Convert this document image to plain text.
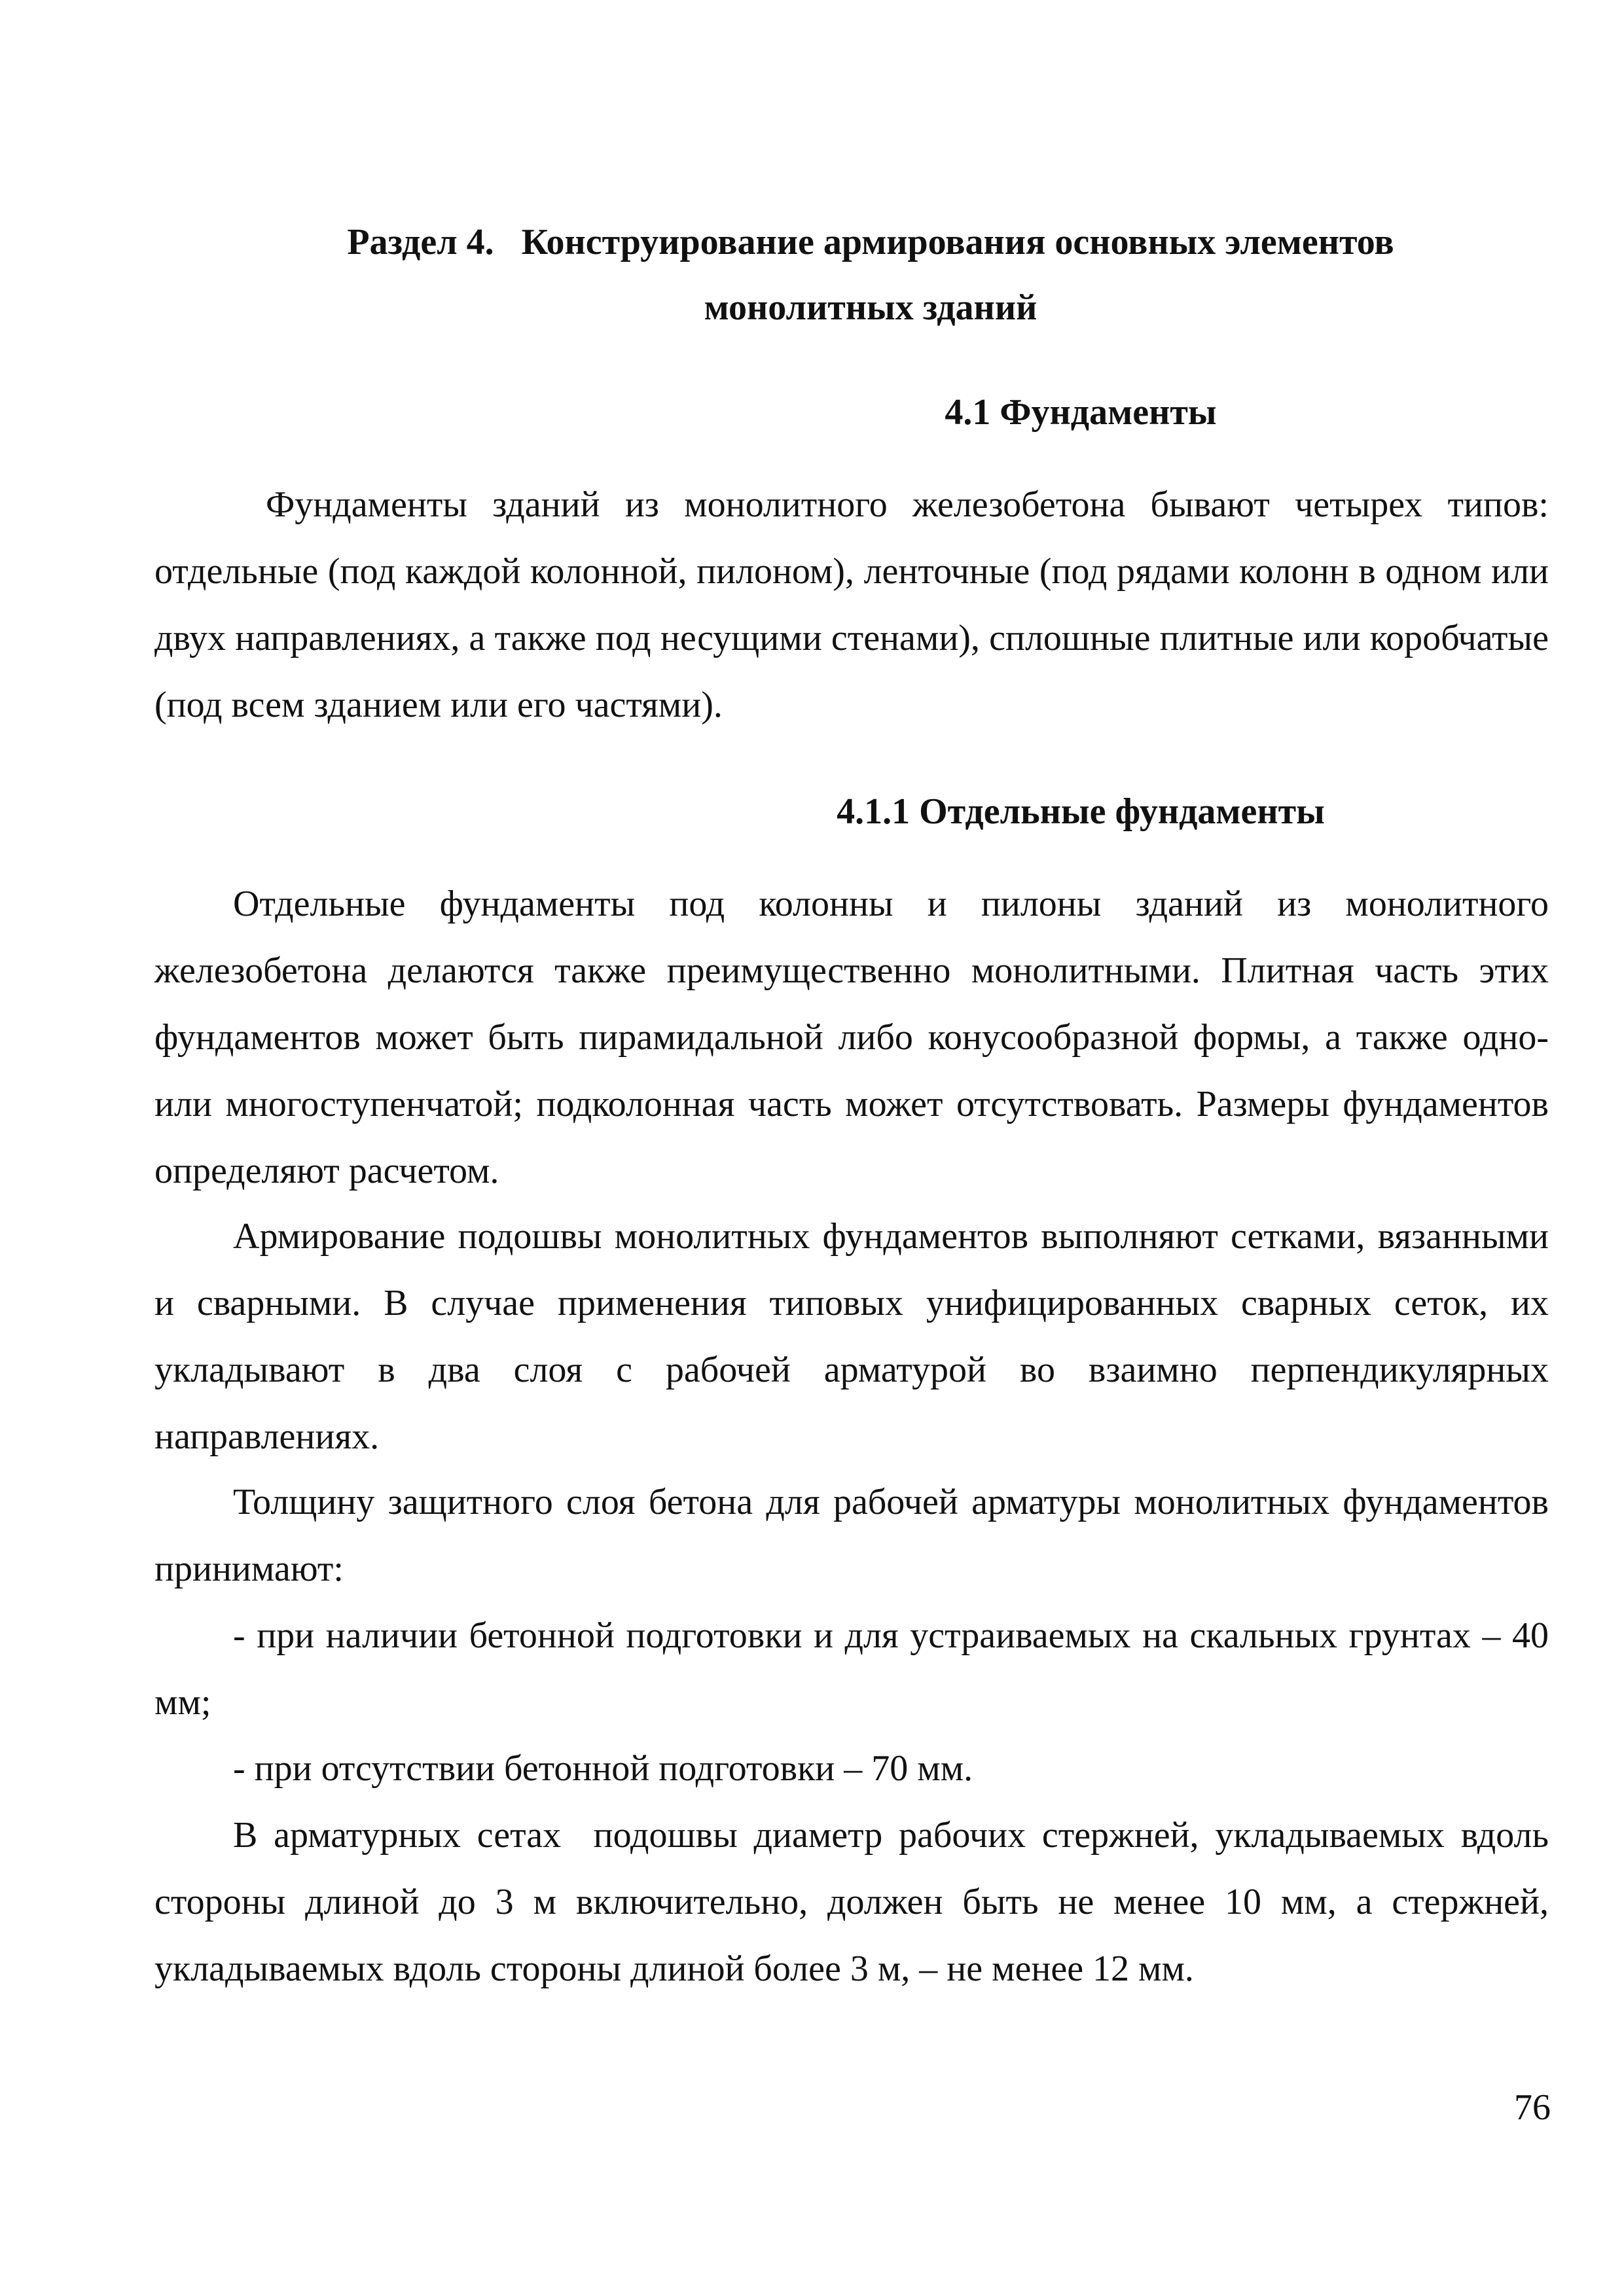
Раздел 4.   Конструирование армирования основных элементов
монолитных зданий
4.1 Фундаменты

Фундаменты зданий из монолитного железобетона бывают четырех типов: отдельные (под каждой колонной, пилоном), ленточные (под рядами колонн в одном или двух направлениях, а также под несущими стенами), сплошные плитные или коробчатые (под всем зданием или его частями).

4.1.1 Отдельные фундаменты

Отдельные фундаменты под колонны и пилоны зданий из монолитного железобетона делаются также преимущественно монолитными. Плитная часть этих фундаментов может быть пирамидальной либо конусообразной формы, а также одно- или многоступенчатой; подколонная часть может отсутствовать. Размеры фундаментов определяют расчетом.

Армирование подошвы монолитных фундаментов выполняют сетками, вязанными и сварными. В случае применения типовых унифицированных сварных сеток, их укладывают в два слоя с рабочей арматурой во взаимно перпендикулярных направлениях.

Толщину защитного слоя бетона для рабочей арматуры монолитных фундаментов принимают:

- при наличии бетонной подготовки и для устраиваемых на скальных грунтах – 40 мм;

- при отсутствии бетонной подготовки – 70 мм.

В арматурных сетах  подошвы диаметр рабочих стержней, укладываемых вдоль стороны длиной до 3 м включительно, должен быть не менее 10 мм, а стержней, укладываемых вдоль стороны длиной более 3 м, – не менее 12 мм.

76
